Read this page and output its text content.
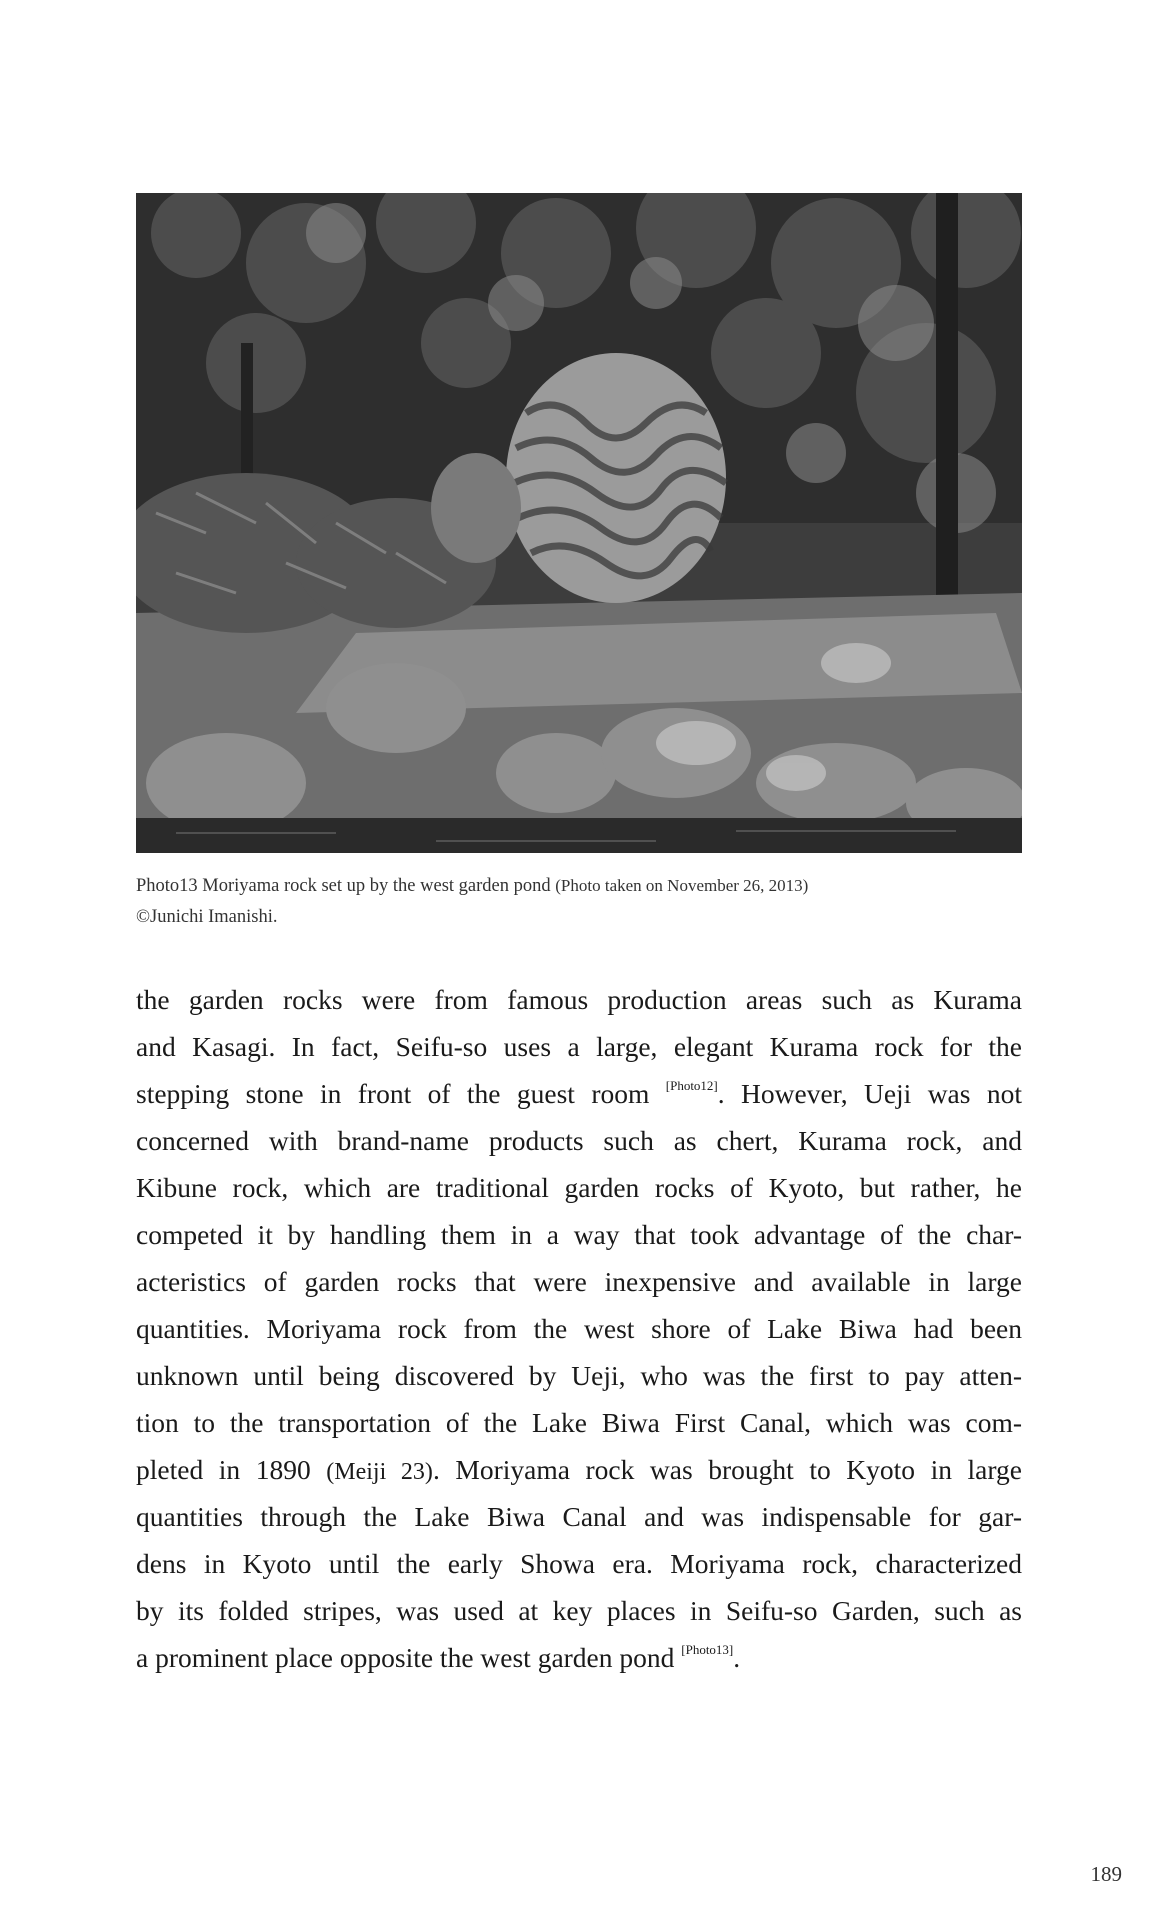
Photo13 Moriyama rock set up by the west garden pond (Photo taken on November 26, 2013)
©Junichi Imanishi.

the garden rocks were from famous production areas such as Kurama
and Kasagi. In fact, Seifu-so uses a large, elegant Kurama rock for the
stepping stone in front of the guest room [Photo12]. However, Ueji was not
concerned with brand-name products such as chert, Kurama rock, and
Kibune rock, which are traditional garden rocks of Kyoto, but rather, he
competed it by handling them in a way that took advantage of the char-
acteristics of garden rocks that were inexpensive and available in large
quantities. Moriyama rock from the west shore of Lake Biwa had been
unknown until being discovered by Ueji, who was the first to pay atten-
tion to the transportation of the Lake Biwa First Canal, which was com-
pleted in 1890 (Meiji 23). Moriyama rock was brought to Kyoto in large
quantities through the Lake Biwa Canal and was indispensable for gar-
dens in Kyoto until the early Showa era. Moriyama rock, characterized
by its folded stripes, was used at key places in Seifu-so Garden, such as
a prominent place opposite the west garden pond [Photo13].
189
